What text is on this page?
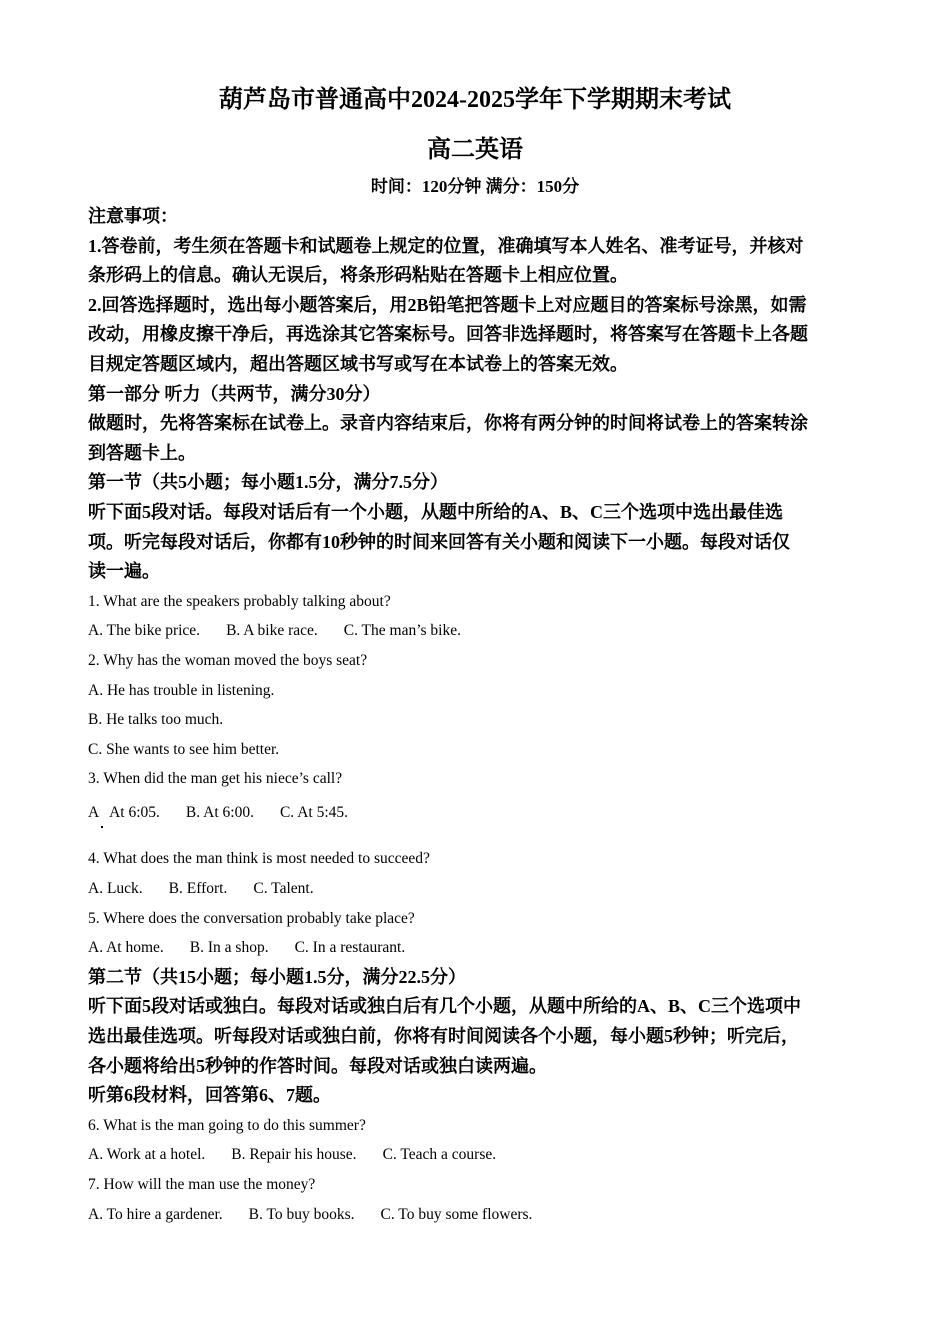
葫芦岛市普通高中2024-2025学年下学期期末考试
高二英语
时间：120分钟 满分：150分

注意事项：

1.答卷前，考生须在答题卡和试题卷上规定的位置，准确填写本人姓名、准考证号，并核对

条形码上的信息。确认无误后，将条形码粘贴在答题卡上相应位置。

2.回答选择题时，选出每小题答案后，用2B铅笔把答题卡上对应题目的答案标号涂黑，如需

改动，用橡皮擦干净后，再选涂其它答案标号。回答非选择题时，将答案写在答题卡上各题

目规定答题区域内，超出答题区域书写或写在本试卷上的答案无效。

第一部分 听力（共两节，满分30分）

做题时，先将答案标在试卷上。录音内容结束后，你将有两分钟的时间将试卷上的答案转涂

到答题卡上。

第一节（共5小题；每小题1.5分，满分7.5分）

听下面5段对话。每段对话后有一个小题，从题中所给的A、B、C三个选项中选出最佳选

项。听完每段对话后，你都有10秒钟的时间来回答有关小题和阅读下一小题。每段对话仅

读一遍。

1. What are the speakers probably talking about?

A. The bike price. B. A bike race. C. The man’s bike.

2. Why has the woman moved the boys seat?

A. He has trouble in listening.

B. He talks too much.

C. She wants to see him better.

3. When did the man get his niece’s call?

A   At 6:05. B. At 6:00. C. At 5:45.

4. What does the man think is most needed to succeed?

A. Luck. B. Effort. C. Talent.

5. Where does the conversation probably take place?

A. At home. B. In a shop. C. In a restaurant.

第二节（共15小题；每小题1.5分，满分22.5分）

听下面5段对话或独白。每段对话或独白后有几个小题，从题中所给的A、B、C三个选项中

选出最佳选项。听每段对话或独白前，你将有时间阅读各个小题，每小题5秒钟；听完后，

各小题将给出5秒钟的作答时间。每段对话或独白读两遍。

听第6段材料，回答第6、7题。

6. What is the man going to do this summer?

A. Work at a hotel. B. Repair his house. C. Teach a course.

7. How will the man use the money?

A. To hire a gardener. B. To buy books. C. To buy some flowers.
